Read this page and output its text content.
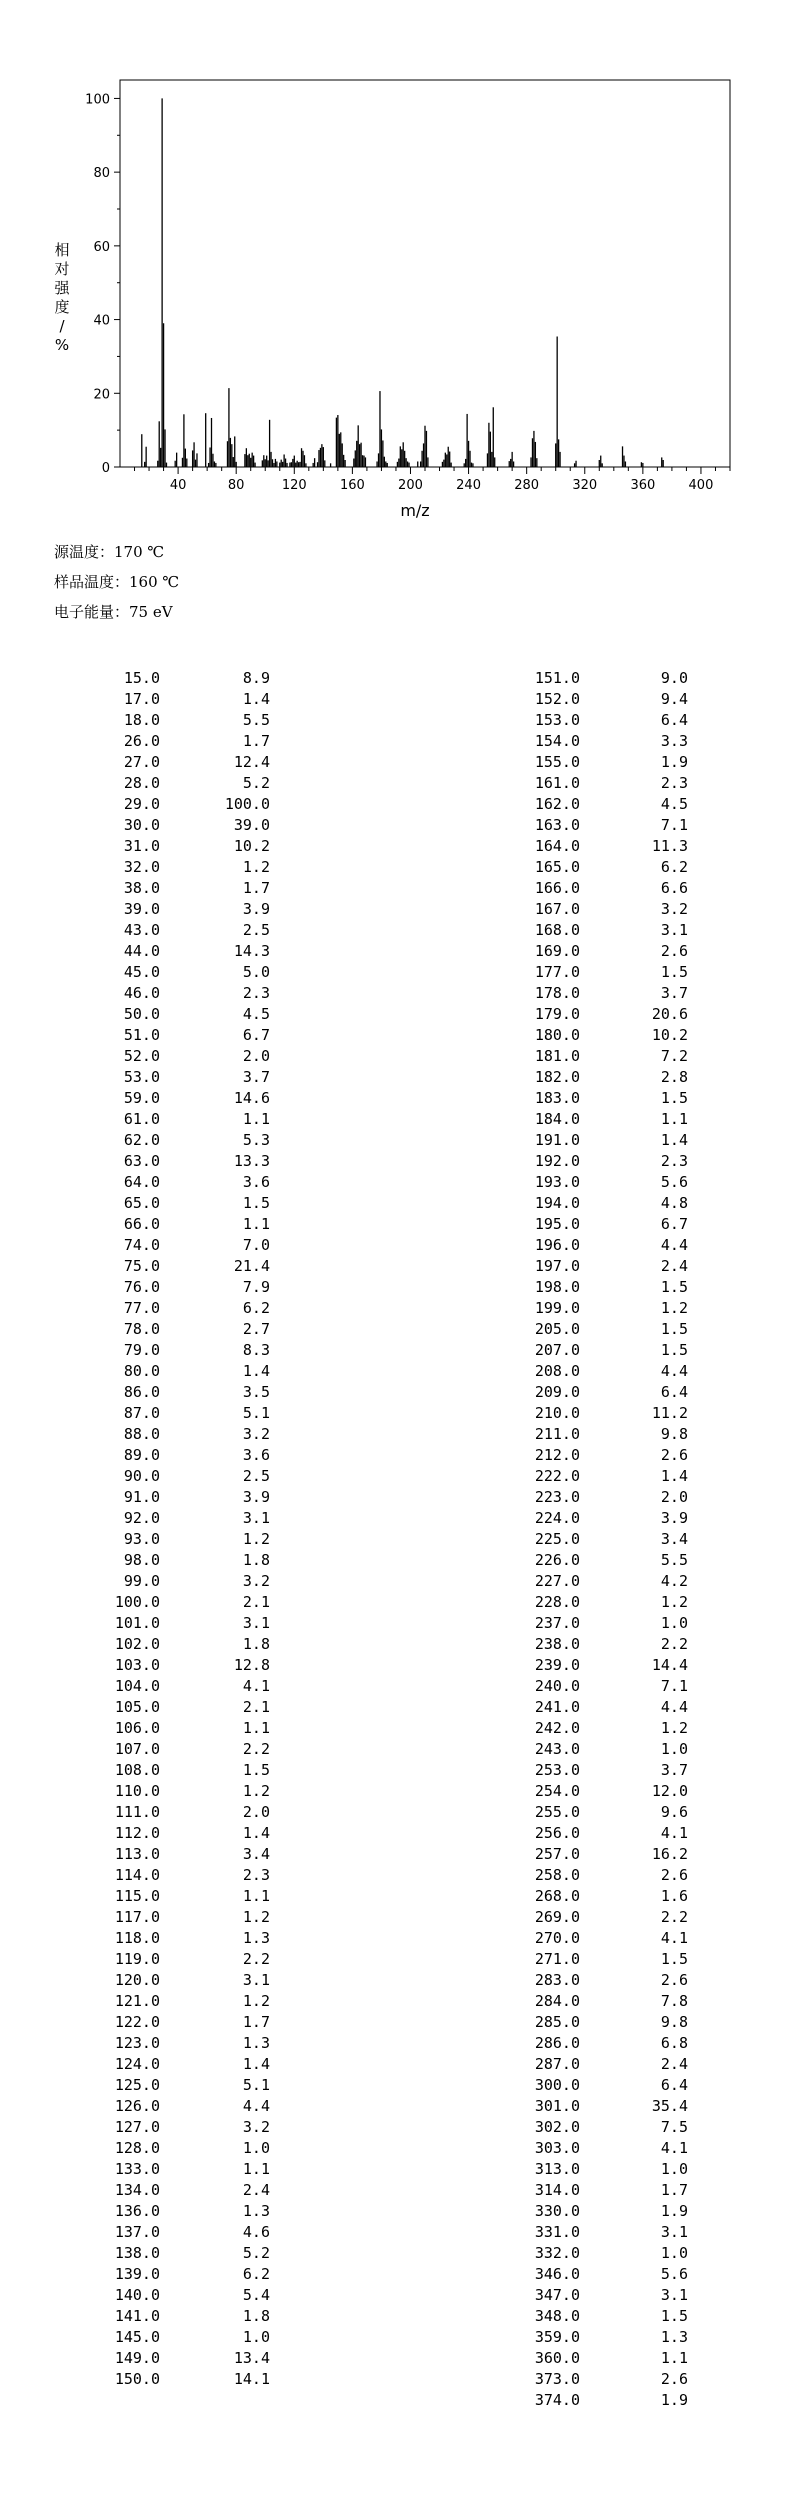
0
20
40
60
80
100
40	80	120	160	200	240	280	320	360	400
m/z
相对强度/ %
源温度：170 ℃
样品温度：160 ℃
电子能量：75 eV
15.0	8.9
17.0	1.4
18.0	5.5
26.0	1.7
27.0	12.4
28.0	5.2
29.0	100.0
30.0	39.0
31.0	10.2
32.0	1.2
38.0	1.7
39.0	3.9
43.0	2.5
44.0	14.3
45.0	5.0
46.0	2.3
50.0	4.5
51.0	6.7
52.0	2.0
53.0	3.7
59.0	14.6
61.0	1.1
62.0	5.3
63.0	13.3
64.0	3.6
65.0	1.5
66.0	1.1
74.0	7.0
75.0	21.4
76.0	7.9
77.0	6.2
78.0	2.7
79.0	8.3
80.0	1.4
86.0	3.5
87.0	5.1
88.0	3.2
89.0	3.6
90.0	2.5
91.0	3.9
92.0	3.1
93.0	1.2
98.0	1.8
99.0	3.2
100.0	2.1
101.0	3.1
102.0	1.8
103.0	12.8
104.0	4.1
105.0	2.1
106.0	1.1
107.0	2.2
108.0	1.5
110.0	1.2
111.0	2.0
112.0	1.4
113.0	3.4
114.0	2.3
115.0	1.1
117.0	1.2
118.0	1.3
119.0	2.2
120.0	3.1
121.0	1.2
122.0	1.7
123.0	1.3
124.0	1.4
125.0	5.1
126.0	4.4
127.0	3.2
128.0	1.0
133.0	1.1
134.0	2.4
136.0	1.3
137.0	4.6
138.0	5.2
139.0	6.2
140.0	5.4
141.0	1.8
145.0	1.0
149.0	13.4
150.0	14.1
151.0	9.0
152.0	9.4
153.0	6.4
154.0	3.3
155.0	1.9
161.0	2.3
162.0	4.5
163.0	7.1
164.0	11.3
165.0	6.2
166.0	6.6
167.0	3.2
168.0	3.1
169.0	2.6
177.0	1.5
178.0	3.7
179.0	20.6
180.0	10.2
181.0	7.2
182.0	2.8
183.0	1.5
184.0	1.1
191.0	1.4
192.0	2.3
193.0	5.6
194.0	4.8
195.0	6.7
196.0	4.4
197.0	2.4
198.0	1.5
199.0	1.2
205.0	1.5
207.0	1.5
208.0	4.4
209.0	6.4
210.0	11.2
211.0	9.8
212.0	2.6
222.0	1.4
223.0	2.0
224.0	3.9
225.0	3.4
226.0	5.5
227.0	4.2
228.0	1.2
237.0	1.0
238.0	2.2
239.0	14.4
240.0	7.1
241.0	4.4
242.0	1.2
243.0	1.0
253.0	3.7
254.0	12.0
255.0	9.6
256.0	4.1
257.0	16.2
258.0	2.6
268.0	1.6
269.0	2.2
270.0	4.1
271.0	1.5
283.0	2.6
284.0	7.8
285.0	9.8
286.0	6.8
287.0	2.4
300.0	6.4
301.0	35.4
302.0	7.5
303.0	4.1
313.0	1.0
314.0	1.7
330.0	1.9
331.0	3.1
332.0	1.0
346.0	5.6
347.0	3.1
348.0	1.5
359.0	1.3
360.0	1.1
373.0	2.6
374.0	1.9
